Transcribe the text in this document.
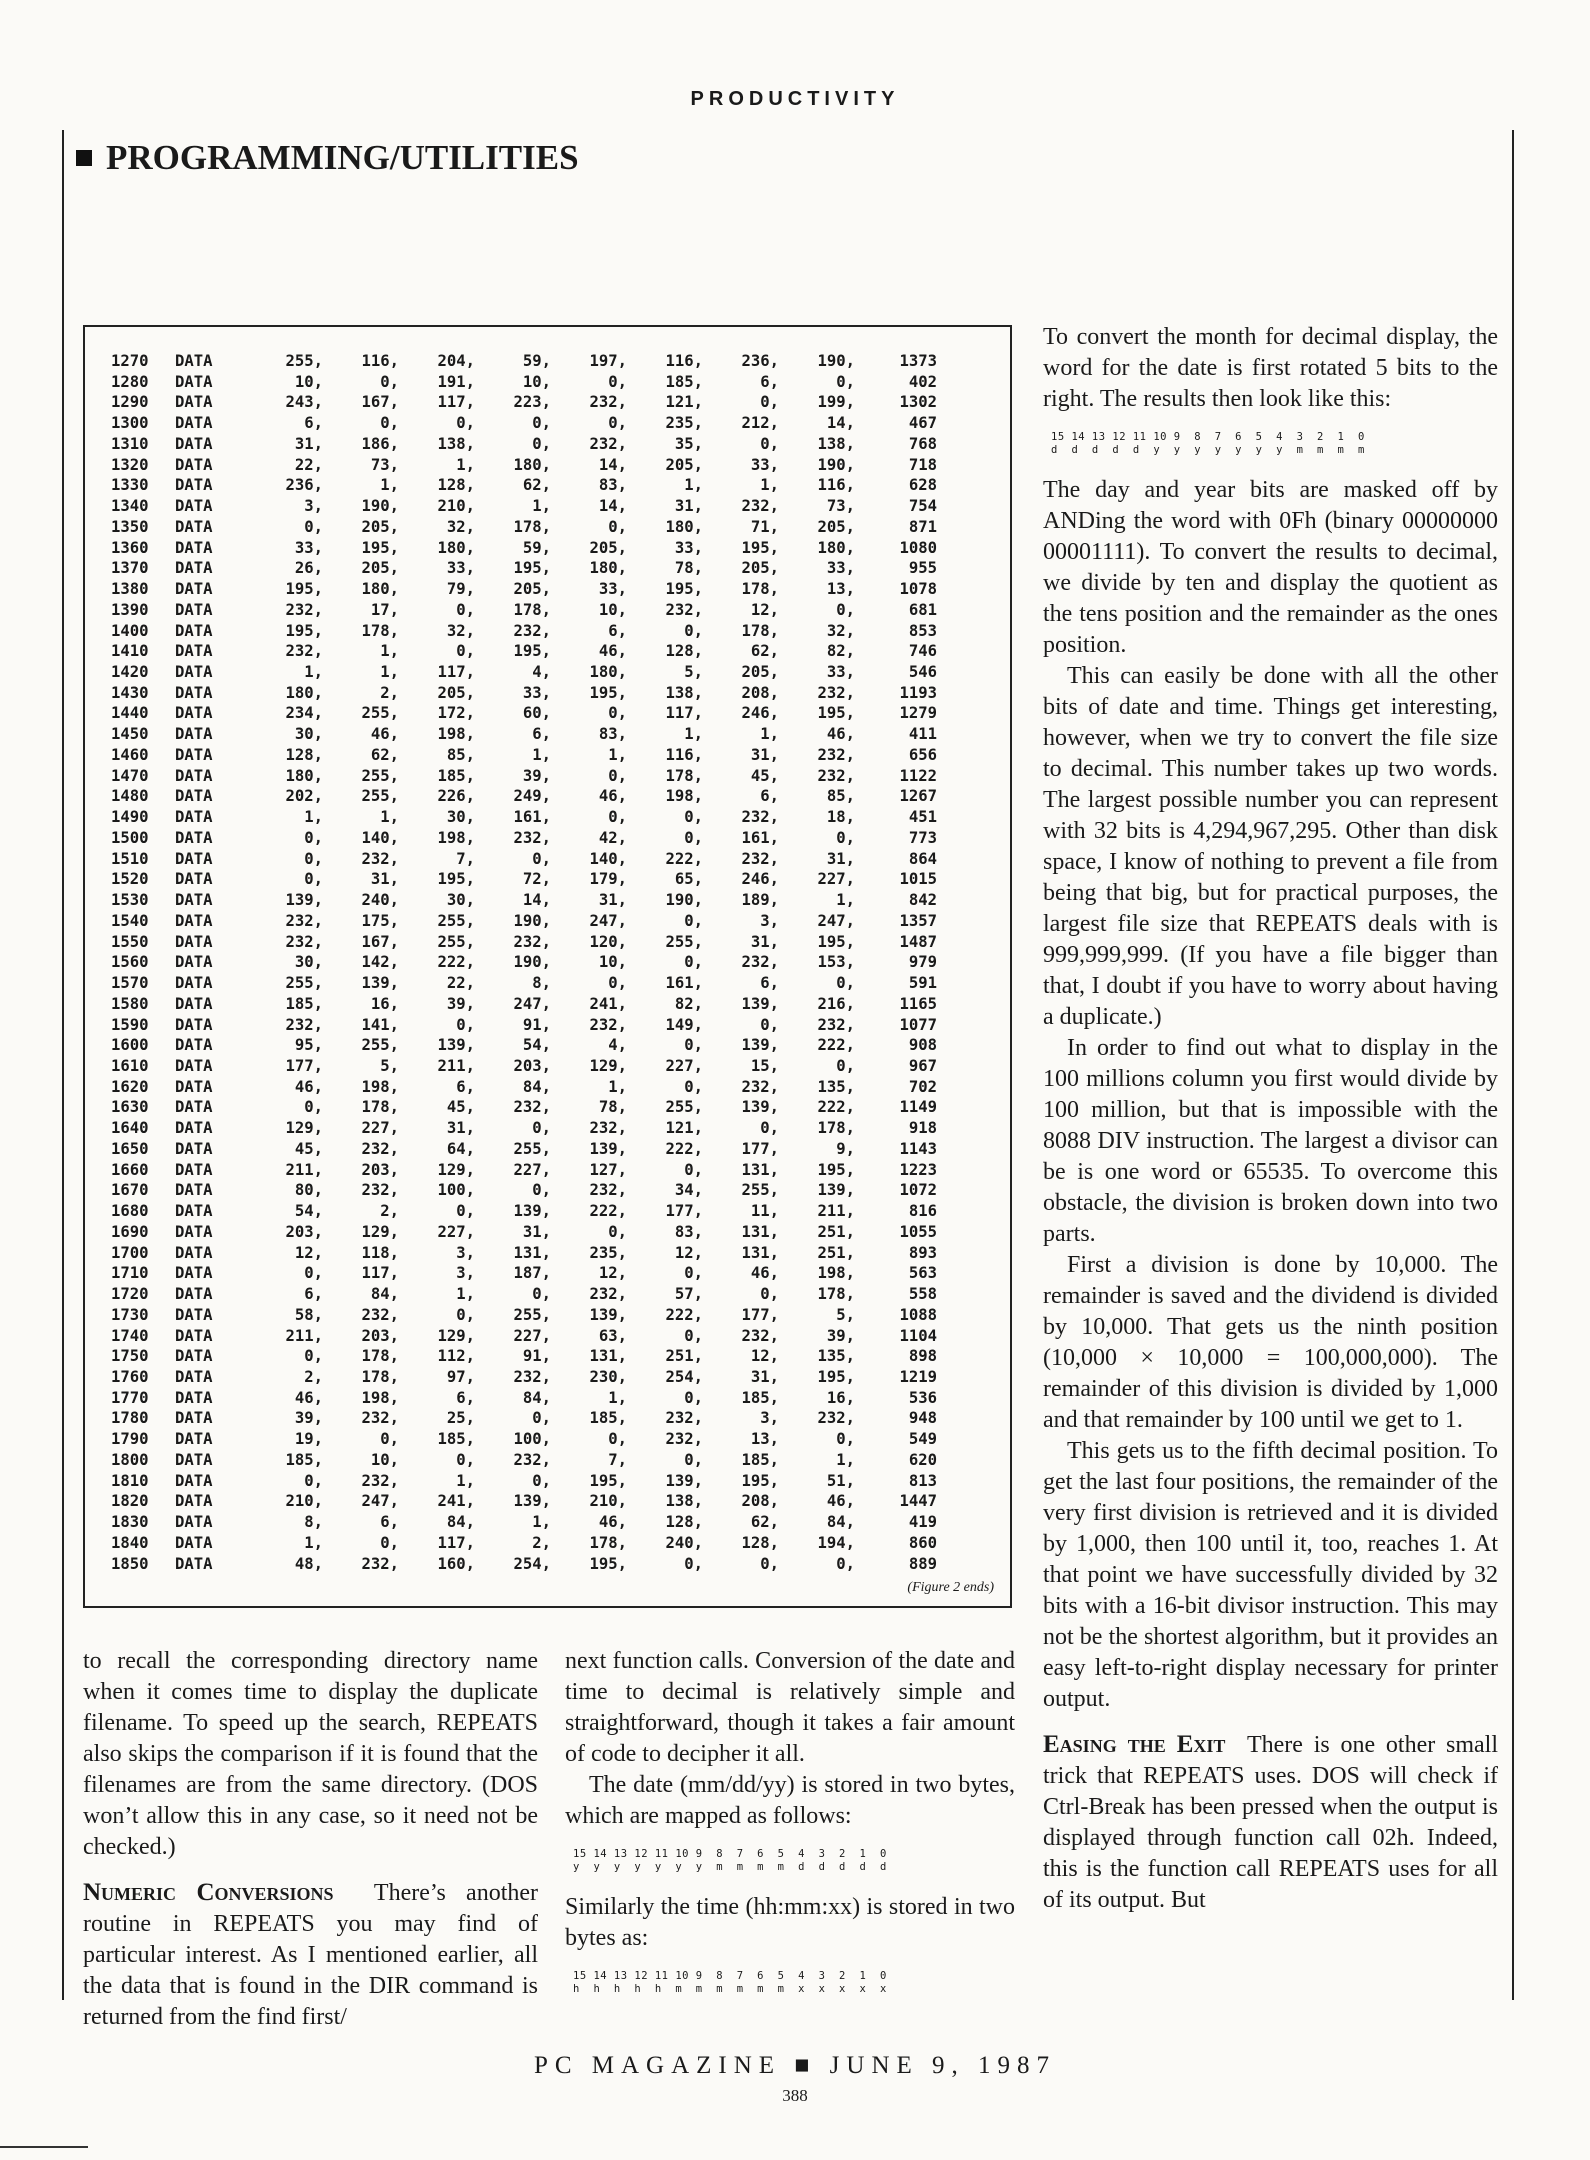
PRODUCTIVITY
PROGRAMMING/UTILITIES
1270	DATA	255,	116,	204,	59,	197,	116,	236,	190,	1373
1280	DATA	10,	0,	191,	10,	0,	185,	6,	0,	402
1290	DATA	243,	167,	117,	223,	232,	121,	0,	199,	1302
1300	DATA	6,	0,	0,	0,	0,	235,	212,	14,	467
1310	DATA	31,	186,	138,	0,	232,	35,	0,	138,	768
1320	DATA	22,	73,	1,	180,	14,	205,	33,	190,	718
1330	DATA	236,	1,	128,	62,	83,	1,	1,	116,	628
1340	DATA	3,	190,	210,	1,	14,	31,	232,	73,	754
1350	DATA	0,	205,	32,	178,	0,	180,	71,	205,	871
1360	DATA	33,	195,	180,	59,	205,	33,	195,	180,	1080
1370	DATA	26,	205,	33,	195,	180,	78,	205,	33,	955
1380	DATA	195,	180,	79,	205,	33,	195,	178,	13,	1078
1390	DATA	232,	17,	0,	178,	10,	232,	12,	0,	681
1400	DATA	195,	178,	32,	232,	6,	0,	178,	32,	853
1410	DATA	232,	1,	0,	195,	46,	128,	62,	82,	746
1420	DATA	1,	1,	117,	4,	180,	5,	205,	33,	546
1430	DATA	180,	2,	205,	33,	195,	138,	208,	232,	1193
1440	DATA	234,	255,	172,	60,	0,	117,	246,	195,	1279
1450	DATA	30,	46,	198,	6,	83,	1,	1,	46,	411
1460	DATA	128,	62,	85,	1,	1,	116,	31,	232,	656
1470	DATA	180,	255,	185,	39,	0,	178,	45,	232,	1122
1480	DATA	202,	255,	226,	249,	46,	198,	6,	85,	1267
1490	DATA	1,	1,	30,	161,	0,	0,	232,	18,	451
1500	DATA	0,	140,	198,	232,	42,	0,	161,	0,	773
1510	DATA	0,	232,	7,	0,	140,	222,	232,	31,	864
1520	DATA	0,	31,	195,	72,	179,	65,	246,	227,	1015
1530	DATA	139,	240,	30,	14,	31,	190,	189,	1,	842
1540	DATA	232,	175,	255,	190,	247,	0,	3,	247,	1357
1550	DATA	232,	167,	255,	232,	120,	255,	31,	195,	1487
1560	DATA	30,	142,	222,	190,	10,	0,	232,	153,	979
1570	DATA	255,	139,	22,	8,	0,	161,	6,	0,	591
1580	DATA	185,	16,	39,	247,	241,	82,	139,	216,	1165
1590	DATA	232,	141,	0,	91,	232,	149,	0,	232,	1077
1600	DATA	95,	255,	139,	54,	4,	0,	139,	222,	908
1610	DATA	177,	5,	211,	203,	129,	227,	15,	0,	967
1620	DATA	46,	198,	6,	84,	1,	0,	232,	135,	702
1630	DATA	0,	178,	45,	232,	78,	255,	139,	222,	1149
1640	DATA	129,	227,	31,	0,	232,	121,	0,	178,	918
1650	DATA	45,	232,	64,	255,	139,	222,	177,	9,	1143
1660	DATA	211,	203,	129,	227,	127,	0,	131,	195,	1223
1670	DATA	80,	232,	100,	0,	232,	34,	255,	139,	1072
1680	DATA	54,	2,	0,	139,	222,	177,	11,	211,	816
1690	DATA	203,	129,	227,	31,	0,	83,	131,	251,	1055
1700	DATA	12,	118,	3,	131,	235,	12,	131,	251,	893
1710	DATA	0,	117,	3,	187,	12,	0,	46,	198,	563
1720	DATA	6,	84,	1,	0,	232,	57,	0,	178,	558
1730	DATA	58,	232,	0,	255,	139,	222,	177,	5,	1088
1740	DATA	211,	203,	129,	227,	63,	0,	232,	39,	1104
1750	DATA	0,	178,	112,	91,	131,	251,	12,	135,	898
1760	DATA	2,	178,	97,	232,	230,	254,	31,	195,	1219
1770	DATA	46,	198,	6,	84,	1,	0,	185,	16,	536
1780	DATA	39,	232,	25,	0,	185,	232,	3,	232,	948
1790	DATA	19,	0,	185,	100,	0,	232,	13,	0,	549
1800	DATA	185,	10,	0,	232,	7,	0,	185,	1,	620
1810	DATA	0,	232,	1,	0,	195,	139,	195,	51,	813
1820	DATA	210,	247,	241,	139,	210,	138,	208,	46,	1447
1830	DATA	8,	6,	84,	1,	46,	128,	62,	84,	419
1840	DATA	1,	0,	117,	2,	178,	240,	128,	194,	860
1850	DATA	48,	232,	160,	254,	195,	0,	0,	0,	889
(Figure 2 ends)

to recall the corresponding directory name when it comes time to display the duplicate filename. To speed up the search, REPEATS also skips the comparison if it is found that the filenames are from the same directory. (DOS won’t allow this in any case, so it need not be checked.)

Numeric Conversions There’s another routine in REPEATS you may find of particular interest. As I mentioned earlier, all the data that is found in the DIR command is returned from the find first/

next function calls. Conversion of the date and time to decimal is relatively simple and straightforward, though it takes a fair amount of code to decipher it all.

The date (mm/dd/yy) is stored in two bytes, which are mapped as follows:

15 14 13 12 11 10 9  8  7  6  5  4  3  2  1  0
y  y  y  y  y  y  y  m  m  m  m  d  d  d  d  d

Similarly the time (hh:mm:xx) is stored in two bytes as:

15 14 13 12 11 10 9  8  7  6  5  4  3  2  1  0
h  h  h  h  h  m  m  m  m  m  m  x  x  x  x  x

To convert the month for decimal display, the word for the date is first rotated 5 bits to the right. The results then look like this:

15 14 13 12 11 10 9  8  7  6  5  4  3  2  1  0
d  d  d  d  d  y  y  y  y  y  y  y  m  m  m  m

The day and year bits are masked off by ANDing the word with 0Fh (binary 00000000 00001111). To convert the results to decimal, we divide by ten and display the quotient as the tens position and the remainder as the ones position.

This can easily be done with all the other bits of date and time. Things get interesting, however, when we try to convert the file size to decimal. This number takes up two words. The largest possible number you can represent with 32 bits is 4,294,967,295. Other than disk space, I know of nothing to prevent a file from being that big, but for practical purposes, the largest file size that REPEATS deals with is 999,999,999. (If you have a file bigger than that, I doubt if you have to worry about having a duplicate.)

In order to find out what to display in the 100 millions column you first would divide by 100 million, but that is impossible with the 8088 DIV instruction. The largest a divisor can be is one word or 65535. To overcome this obstacle, the division is broken down into two parts.

First a division is done by 10,000. The remainder is saved and the dividend is divided by 10,000. That gets us the ninth position (10,000 × 10,000 = 100,000,000). The remainder of this division is divided by 1,000 and that remainder by 100 until we get to 1.

This gets us to the fifth decimal position. To get the last four positions, the remainder of the very first division is retrieved and it is divided by 1,000, then 100 until it, too, reaches 1. At that point we have successfully divided by 32 bits with a 16-bit divisor instruction. This may not be the shortest algorithm, but it provides an easy left-to-right display necessary for printer output.

Easing the Exit There is one other small trick that REPEATS uses. DOS will check if Ctrl-Break has been pressed when the output is displayed through function call 02h. Indeed, this is the function call REPEATS uses for all of its output. But

PC MAGAZINE ■ JUNE 9, 1987
388
